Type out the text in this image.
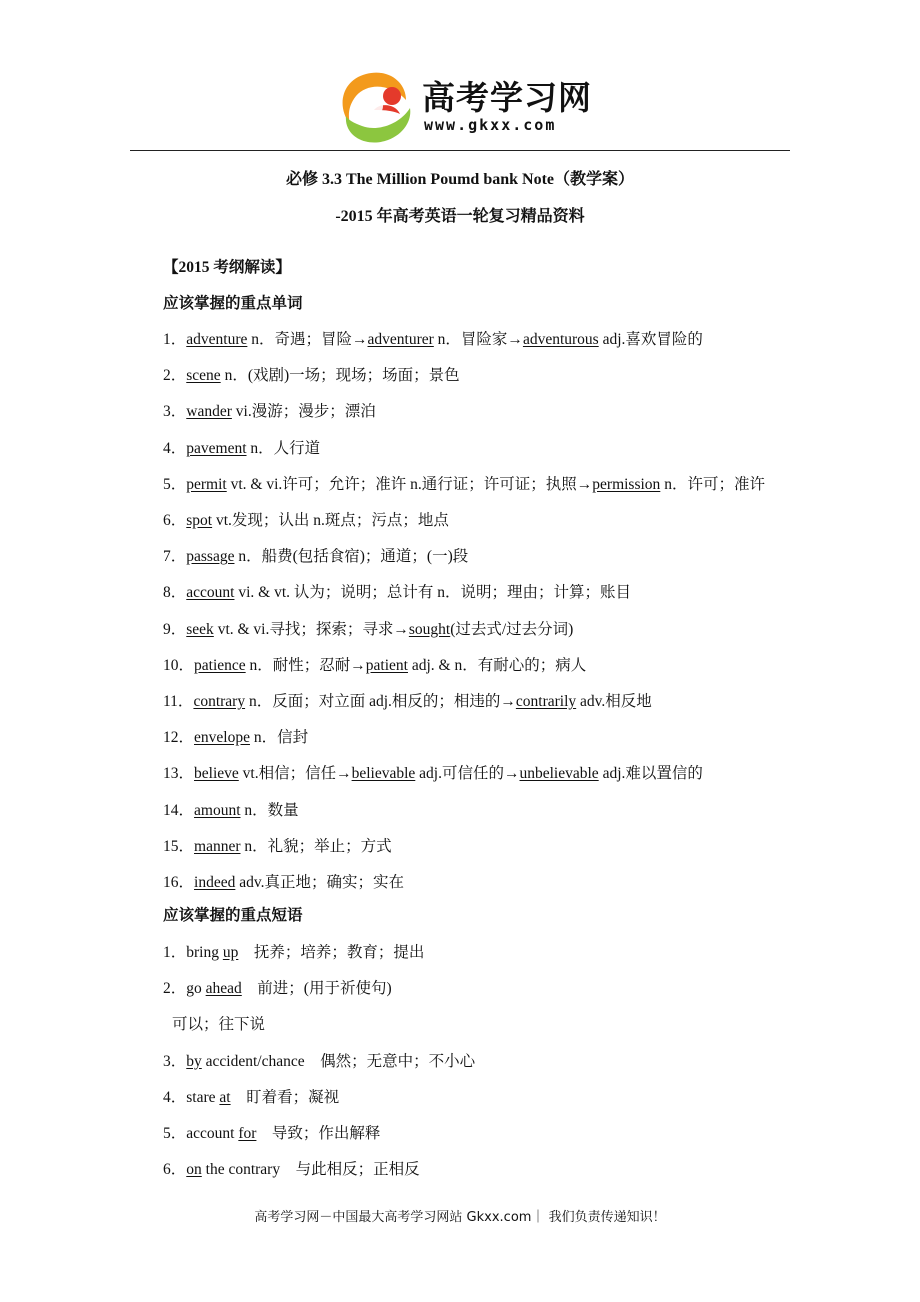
高考学习网
www.gkxx.com
必修 3.3 The Million Poumd bank Note（教学案）
-2015 年高考英语一轮复习精品资料
【2015 考纲解读】
应该掌握的重点单词
1．adventure n．奇遇；冒险→adventurer n．冒险家→adventurous adj.喜欢冒险的
2．scene n．(戏剧)一场；现场；场面；景色
3．wander vi.漫游；漫步；漂泊
4．pavement n．人行道
5．permit vt. & vi.许可；允许；准许 n.通行证；许可证；执照→permission n．许可；准许
6．spot vt.发现；认出 n.斑点；污点；地点
7．passage n．船费(包括食宿)；通道；(一)段
8．account vi. & vt. 认为；说明；总计有 n．说明；理由；计算；账目
9．seek vt. & vi.寻找；探索；寻求→sought(过去式/过去分词)
10．patience n．耐性；忍耐→patient adj. & n．有耐心的；病人
11．contrary n．反面；对立面 adj.相反的；相违的→contrarily adv.相反地
12．envelope n．信封
13．believe vt.相信；信任→believable adj.可信任的→unbelievable adj.难以置信的
14．amount n．数量
15．manner n．礼貌；举止；方式
16．indeed adv.真正地；确实；实在
应该掌握的重点短语
1．bring up　抚养；培养；教育；提出
2．go ahead　前进；(用于祈使句)
可以；往下说
3．by accident/chance　偶然；无意中；不小心
4．stare at　盯着看；凝视
5．account for　导致；作出解释
6．on the contrary　与此相反；正相反
高考学习网－中国最大高考学习网站 Gkxx.com｜ 我们负责传递知识！
